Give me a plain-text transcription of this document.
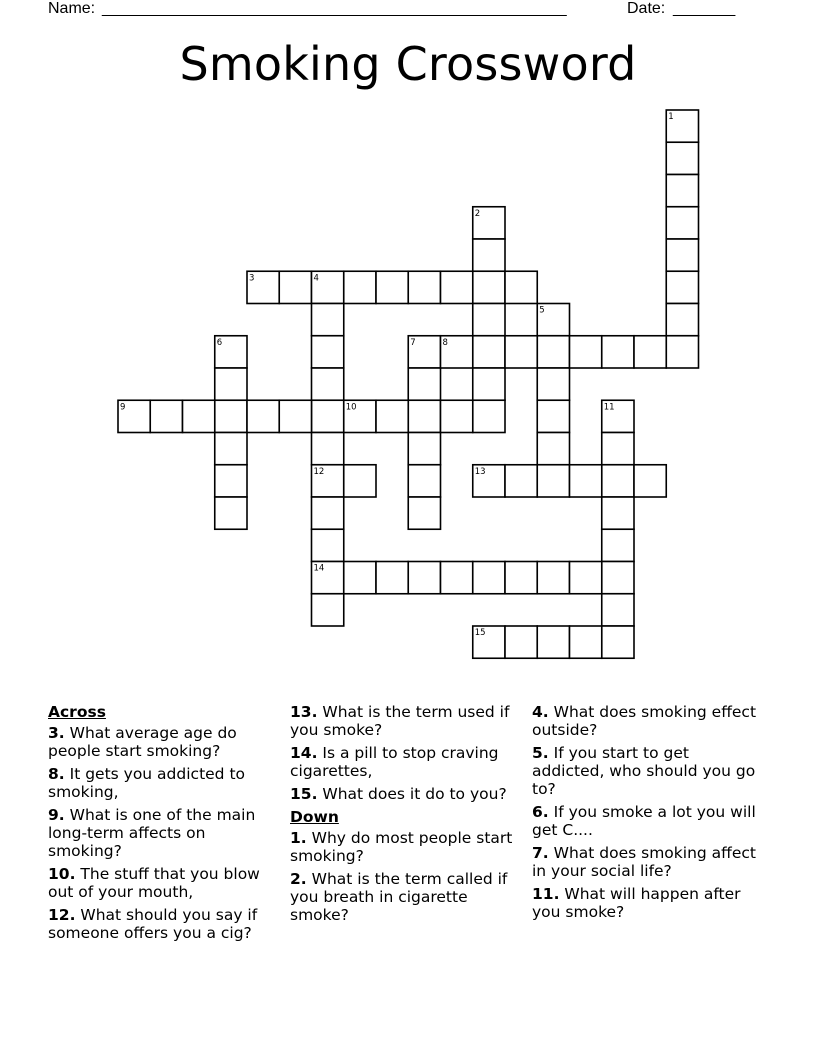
Name: ______________________________________________________	Date: _______
Smoking Crossword
1
2
3	4
5
6	7	8
9	10	11
12	13
14
15
Across
3. What average age do people start smoking?
8. It gets you addicted to smoking,
9. What is one of the main long-term affects on smoking?
10. The stuff that you blow out of your mouth,
12. What should you say if someone offers you a cig?
13. What is the term used if you smoke?
14. Is a pill to stop craving cigarettes,
15. What does it do to you?
Down
1. Why do most people start smoking?
2. What is the term called if you breath in cigarette smoke?
4. What does smoking effect outside?
5. If you start to get addicted, who should you go to?
6. If you smoke a lot you will get C....
7. What does smoking affect in your social life?
11. What will happen after you smoke?
